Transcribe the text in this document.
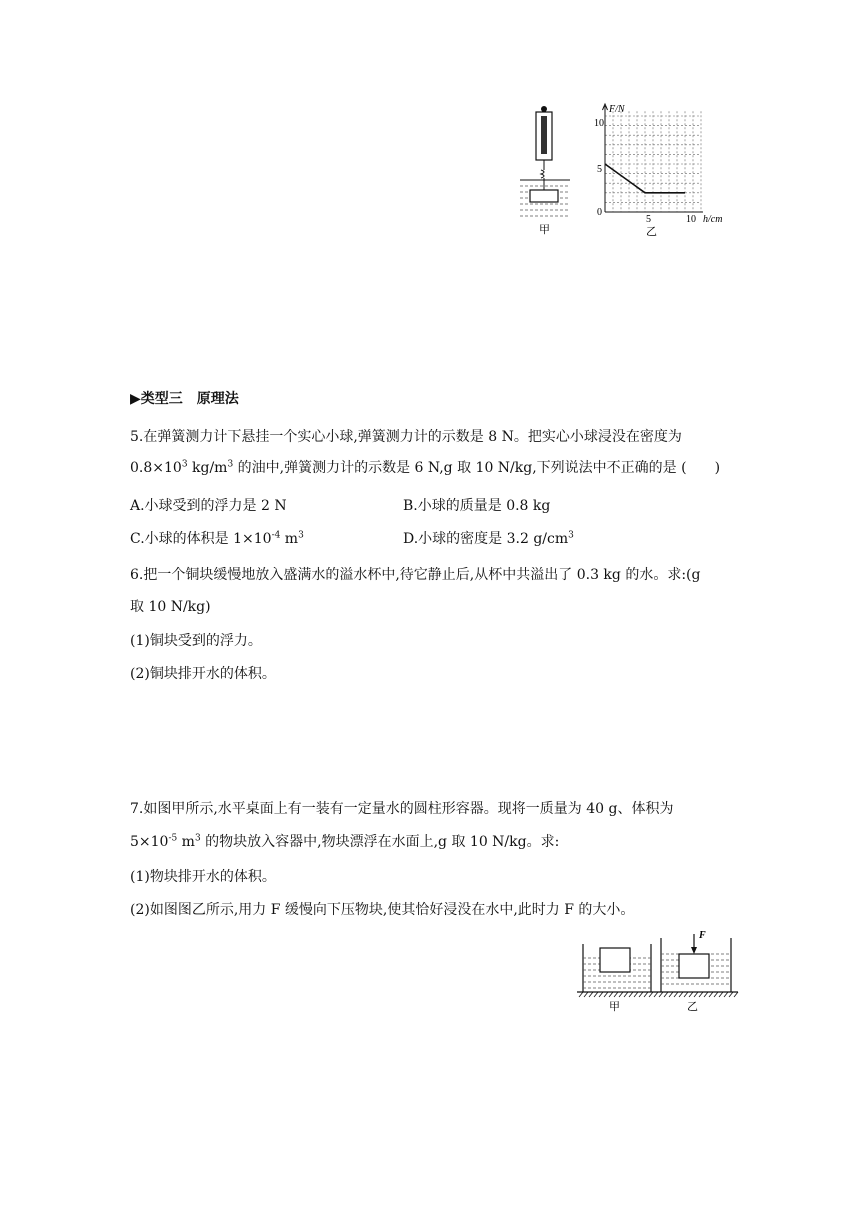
甲
F/N
10
5
0
5	10 h/cm
乙
▶类型三　原理法
5.在弹簧测力计下悬挂一个实心小球,弹簧测力计的示数是 8 N。把实心小球浸没在密度为
$0.8\times 10^3$ $kg/m^3$ 的油中,弹簧测力计的示数是 6 N,g 取 10 N/kg,下列说法中不正确的是 (　　)
A.小球受到的浮力是 2 N	B.小球的质量是 0.8 kg
C.小球的体积是 $1\times 10^{-4}$ $m^3$	D.小球的密度是 3.2 $g/cm^3$
6.把一个铜块缓慢地放入盛满水的溢水杯中,待它静止后,从杯中共溢出了 0.3 kg 的水。求:(g
取 10 N/kg)
(1)铜块受到的浮力。
(2)铜块排开水的体积。
7.如图甲所示,水平桌面上有一装有一定量水的圆柱形容器。现将一质量为 40 g、体积为
$5\times 10^{-5}$ $m^3$ 的物块放入容器中,物块漂浮在水面上,g 取 10 N/kg。求:
(1)物块排开水的体积。
(2)如图图乙所示,用力 F 缓慢向下压物块,使其恰好浸没在水中,此时力 F 的大小。
F
甲	乙
